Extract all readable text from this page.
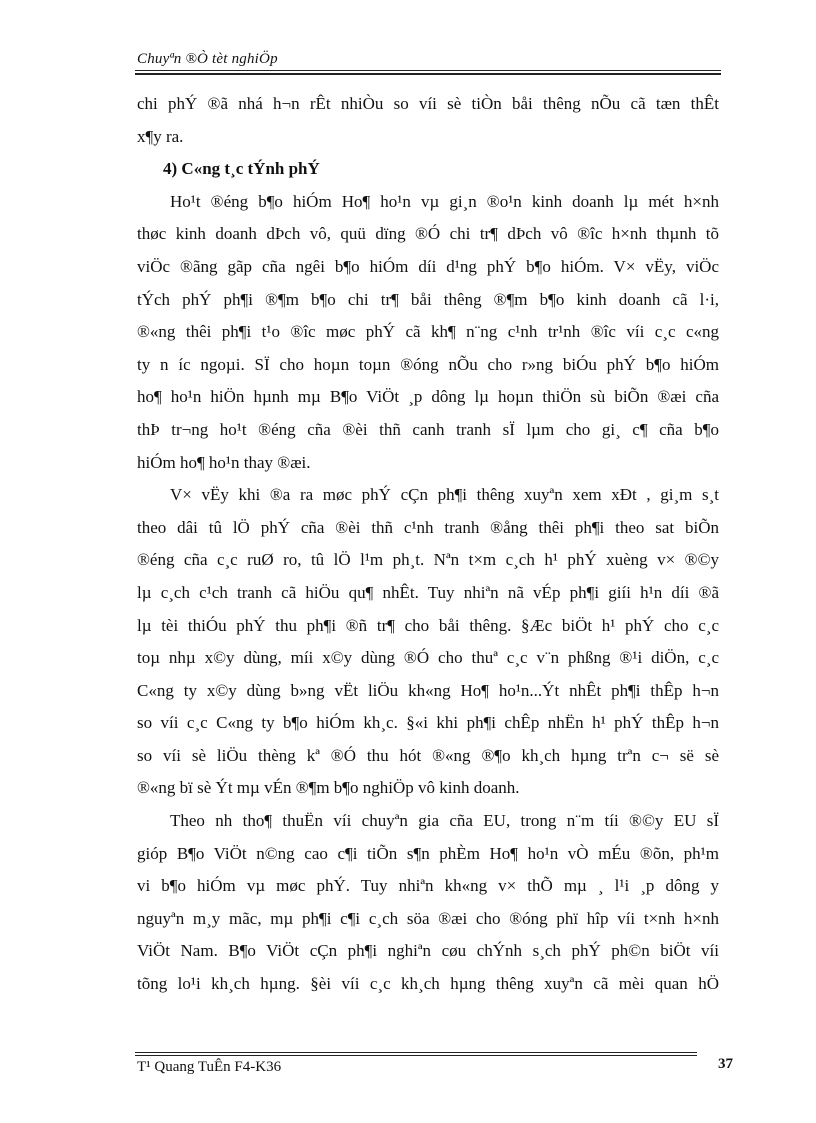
Chuyªn ®Ò tèt nghiÖp
chi phÝ ®ã nhá h¬n rÊt nhiÒu so víi sè tiÒn båi thêng nÕu cã tæn thÊt
x¶y ra.
4) C«ng t¸c tÝnh phÝ
Ho¹t ®éng b¶o hiÓm Ho¶ ho¹n vµ gi¸n ®o¹n kinh doanh lµ mét h×nh
thøc kinh doanh dÞch vô, quü dïng ®Ó chi tr¶ dÞch vô ®îc h×nh thµnh tõ
viÖc ®ãng gãp cña ngêi b¶o hiÓm díi d¹ng phÝ b¶o hiÓm. V× vËy, viÖc
tÝch phÝ ph¶i ®¶m b¶o chi tr¶ båi thêng ®¶m b¶o kinh doanh cã l·i,
®«ng thêi ph¶i t¹o ®îc møc phÝ cã kh¶ n¨ng c¹nh tr¹nh ®îc víi c¸c c«ng
ty n íc ngoµi. SÏ cho hoµn toµn ®óng nÕu cho r»ng biÓu phÝ b¶o hiÓm
ho¶ ho¹n hiÖn hµnh mµ B¶o ViÖt ¸p dông lµ hoµn thiÖn sù biÕn ®æi cña
thÞ tr¬ng ho¹t ®éng cña ®èi thñ canh tranh sÏ lµm cho gi¸ c¶ cña b¶o
hiÓm ho¶ ho¹n thay ®æi.
V× vËy khi ®a ra møc phÝ cÇn ph¶i thêng xuyªn xem xÐt , gi¸m s¸t
theo dâi tû lÖ phÝ cña ®èi thñ c¹nh tranh ®ång thêi ph¶i theo sat biÕn
®éng cña c¸c ruØ ro, tû lÖ l¹m ph¸t. Nªn t×m c¸ch h¹ phÝ xuèng v× ®©y
lµ c¸ch c¹ch tranh cã hiÖu qu¶ nhÊt. Tuy nhiªn nã vÉp ph¶i giíi h¹n díi ®ã
lµ tèi thiÓu phÝ thu ph¶i ®ñ tr¶ cho båi thêng. §Æc biÖt h¹ phÝ cho c¸c
toµ nhµ x©y dùng, míi x©y dùng ®Ó cho thuª c¸c v¨n phßng ®¹i diÖn, c¸c
C«ng ty x©y dùng b»ng vËt liÖu kh«ng Ho¶ ho¹n...Ýt nhÊt ph¶i thÊp h¬n
so víi c¸c C«ng ty b¶o hiÓm kh¸c. §«i khi ph¶i chÊp nhËn h¹ phÝ thÊp h¬n
so víi sè liÖu thèng kª ®Ó thu hót ®«ng ®¶o kh¸ch hµng trªn c¬ së sè
®«ng bï sè Ýt mµ vÉn ®¶m b¶o nghiÖp vô kinh doanh.
Theo nh tho¶ thuËn víi chuyªn gia cña EU, trong n¨m tíi ®©y EU sÏ
gióp B¶o ViÖt n©ng cao c¶i tiÕn s¶n phÈm Ho¶ ho¹n vÒ mÉu ®õn, ph¹m
vi b¶o hiÓm vµ møc phÝ. Tuy nhiªn kh«ng v× thÕ mµ ¸ l¹i ¸p dông y
nguyªn m¸y mãc, mµ ph¶i c¶i c¸ch söa ®æi cho ®óng phï hîp víi t×nh h×nh
ViÖt Nam. B¶o ViÖt cÇn ph¶i nghiªn cøu chÝnh s¸ch phÝ ph©n biÖt víi
tõng lo¹i kh¸ch hµng. §èi víi c¸c kh¸ch hµng thêng xuyªn cã mèi quan hÖ
T¹ Quang TuÊn F4-K36	37
